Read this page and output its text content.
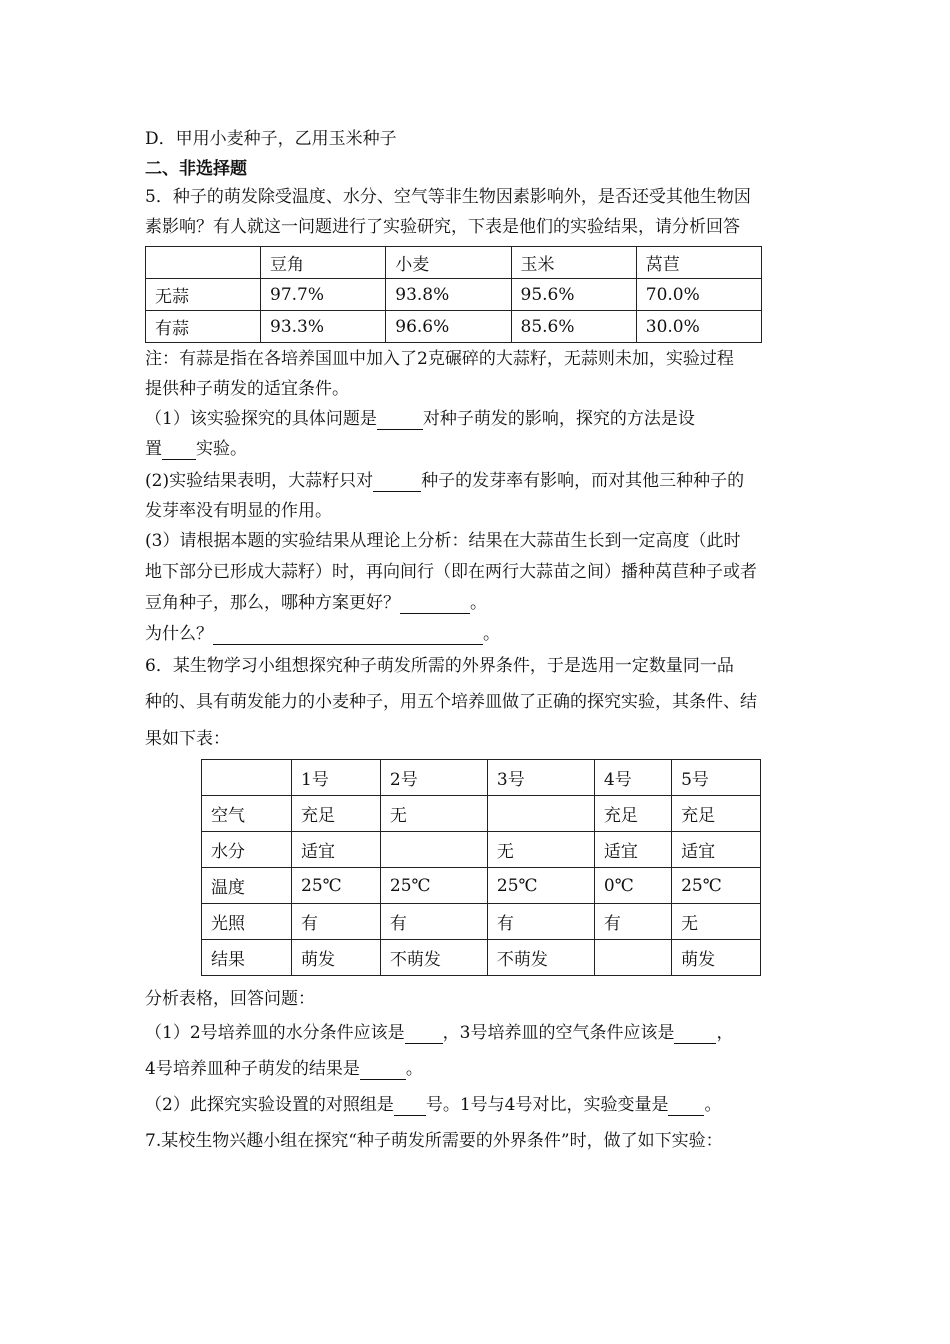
D．甲用小麦种子，乙用玉米种子
二、非选择题
5．种子的萌发除受温度、水分、空气等非生物因素影响外，是否还受其他生物因
素影响？有人就这一问题进行了实验研究，下表是他们的实验结果，请分析回答
	豆角	小麦	玉米	莴苣
无蒜	97.7%	93.8%	95.6%	70.0%
有蒜	93.3%	96.6%	85.6%	30.0%
注：有蒜是指在各培养国皿中加入了2克碾碎的大蒜籽，无蒜则未加，实验过程
提供种子萌发的适宜条件。
（1）该实验探究的具体问题是	对种子萌发的影响，探究的方法是设
置 实验。
(2)实验结果表明，大蒜籽只对	种子的发芽率有影响，而对其他三种种子的
发芽率没有明显的作用。
(3）请根据本题的实验结果从理论上分析：结果在大蒜苗生长到一定高度（此时
地下部分已形成大蒜籽）时，再向间行（即在两行大蒜苗之间）播种莴苣种子或者
豆角种子，那么，哪种方案更好？	。
为什么？	。
6．某生物学习小组想探究种子萌发所需的外界条件，于是选用一定数量同一品
种的、具有萌发能力的小麦种子，用五个培养皿做了正确的探究实验，其条件、结
果如下表：
	1号	2号	3号	4号	5号
空气	充足	无		充足	充足
水分	适宜		无	适宜	适宜
温度	25℃	25℃	25℃	0℃	25℃
光照	有	有	有	有	无
结果	萌发	不萌发	不萌发		萌发
分析表格，回答问题：
（1）2号培养皿的水分条件应该是 ，3号培养皿的空气条件应该是 ，
4号培养皿种子萌发的结果是	。
（2）此探究实验设置的对照组是 号。1号与4号对比，实验变量是 。
7.某校生物兴趣小组在探究“种子萌发所需要的外界条件”时，做了如下实验：
